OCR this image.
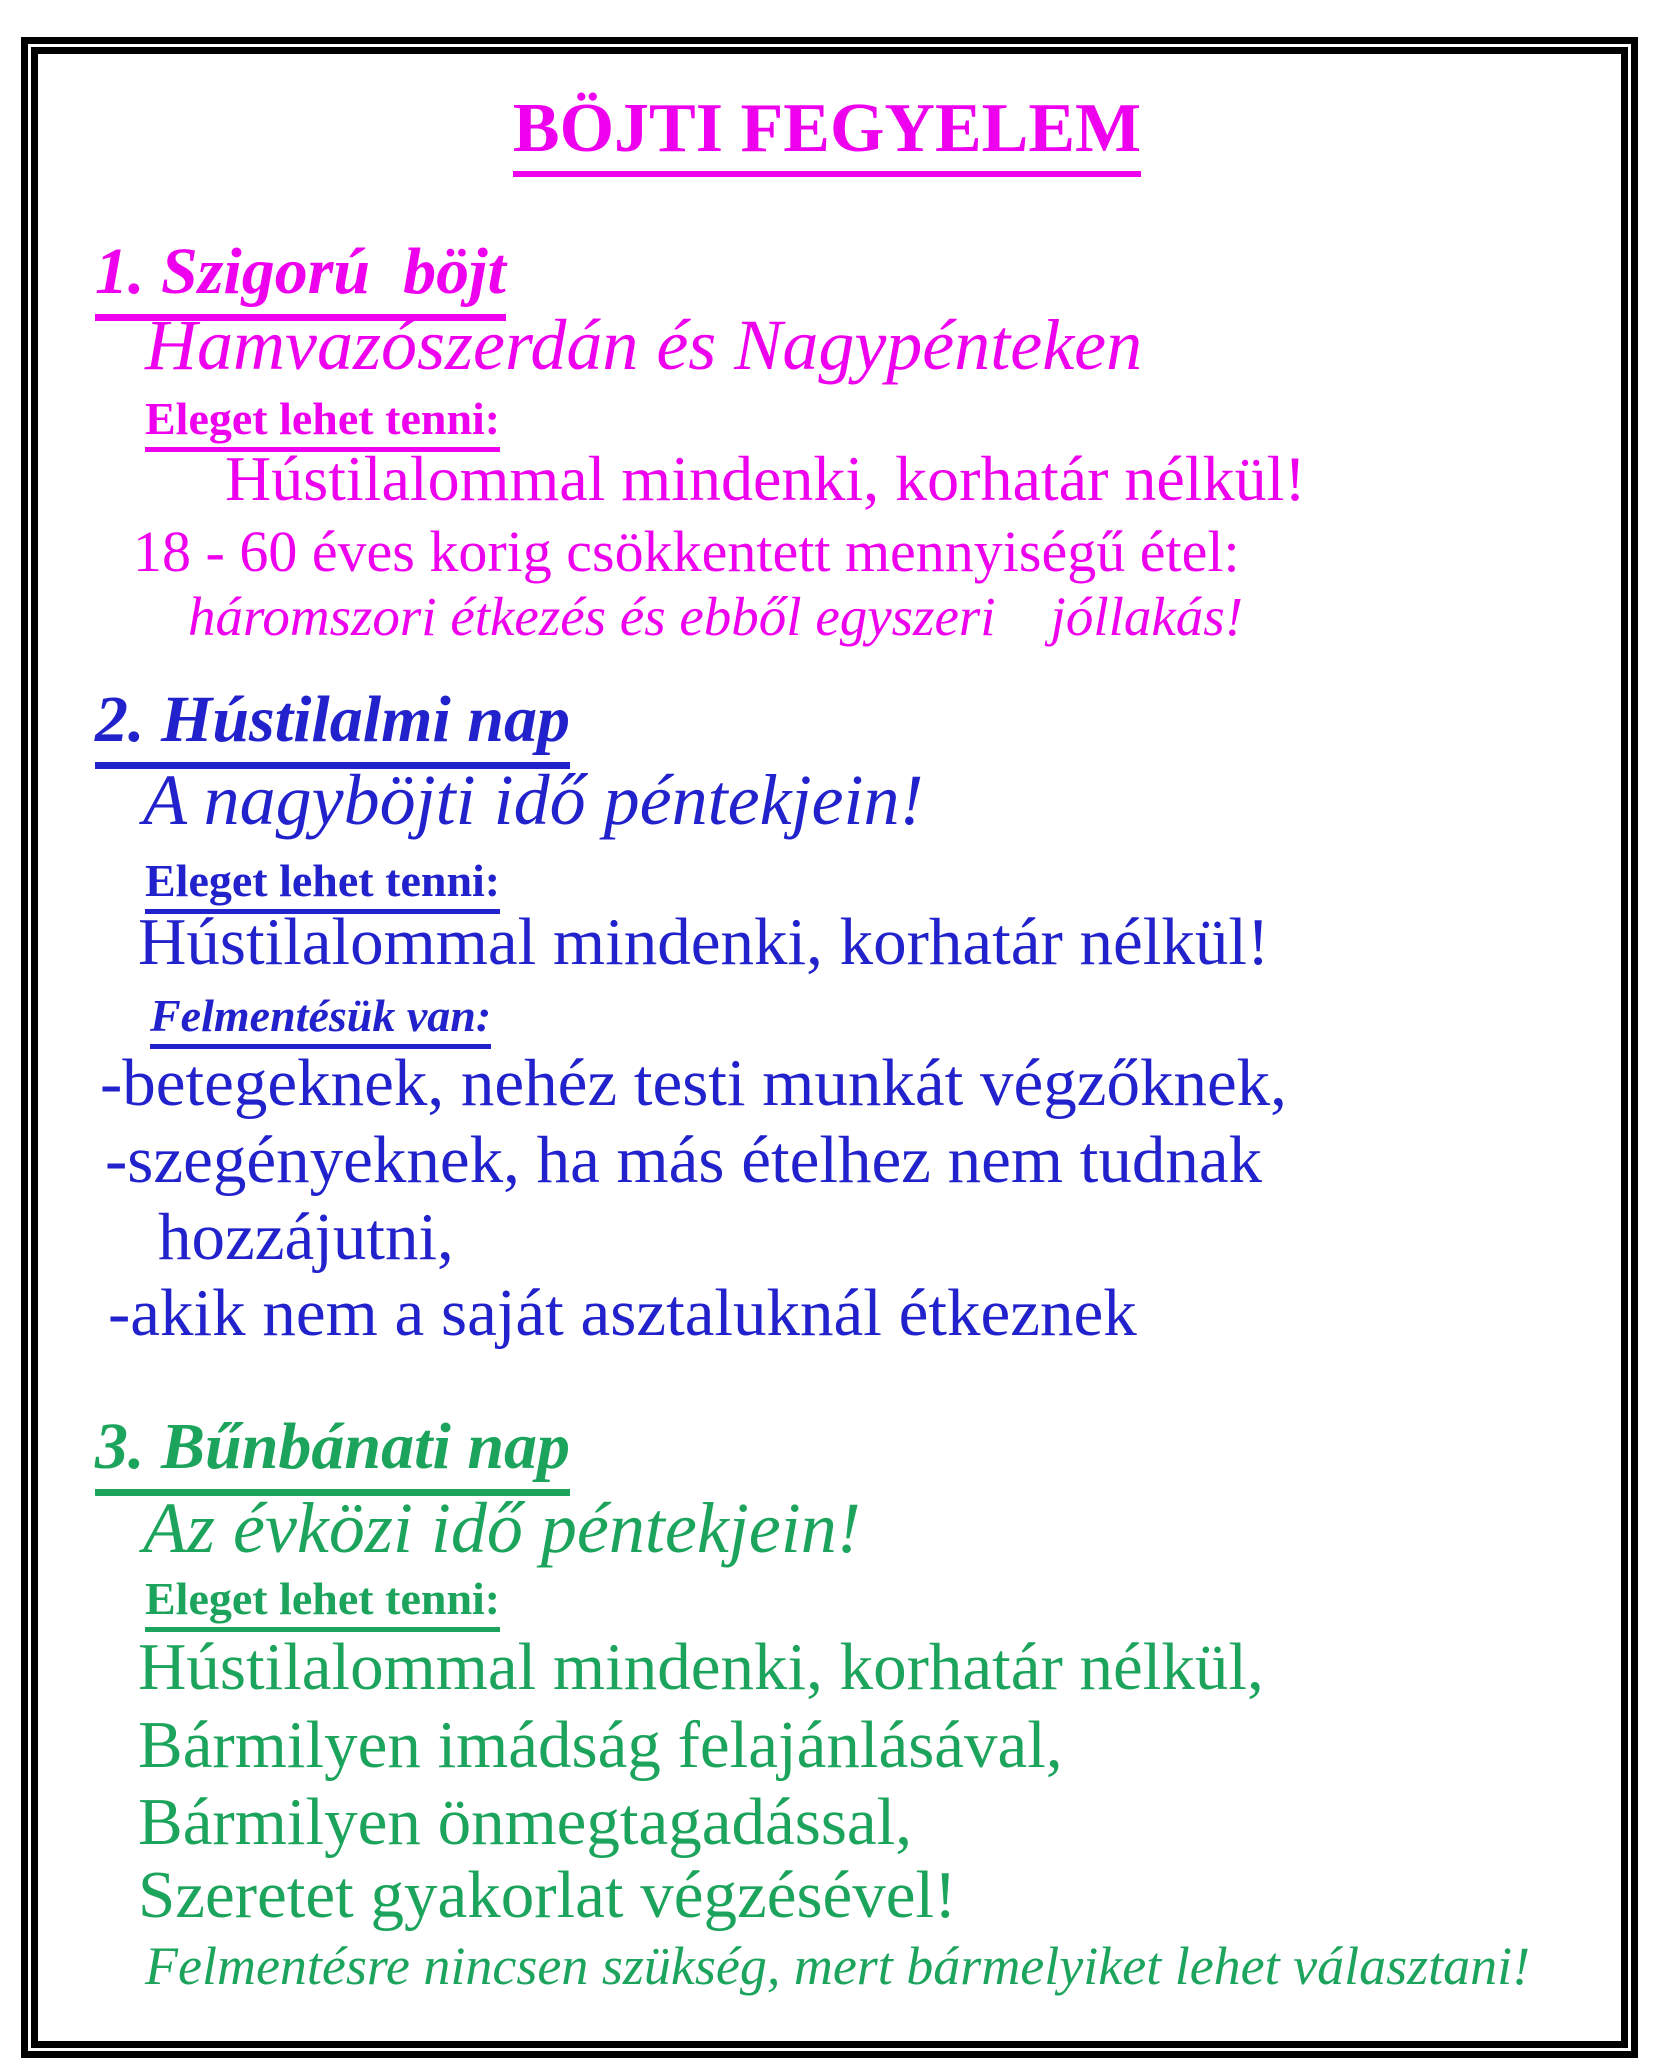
BÖJTI FEGYELEM
1. Szigorú  böjt
Hamvazószerdán és Nagypénteken
Eleget lehet tenni:
Hústilalommal mindenki, korhatár nélkül!
18 - 60 éves korig csökkentett mennyiségű étel:
háromszori étkezés és ebből egyszeri    jóllakás!
2. Hústilalmi nap
A nagyböjti idő péntekjein!
Eleget lehet tenni:
Hústilalommal mindenki, korhatár nélkül!
Felmentésük van:
-betegeknek, nehéz testi munkát végzőknek,
-szegényeknek, ha más ételhez nem tudnak
hozzájutni,
-akik nem a saját asztaluknál étkeznek
3. Bűnbánati nap
Az évközi idő péntekjein!
Eleget lehet tenni:
Hústilalommal mindenki, korhatár nélkül,
Bármilyen imádság felajánlásával,
Bármilyen önmegtagadással,
Szeretet gyakorlat végzésével!
Felmentésre nincsen szükség, mert bármelyiket lehet választani!
